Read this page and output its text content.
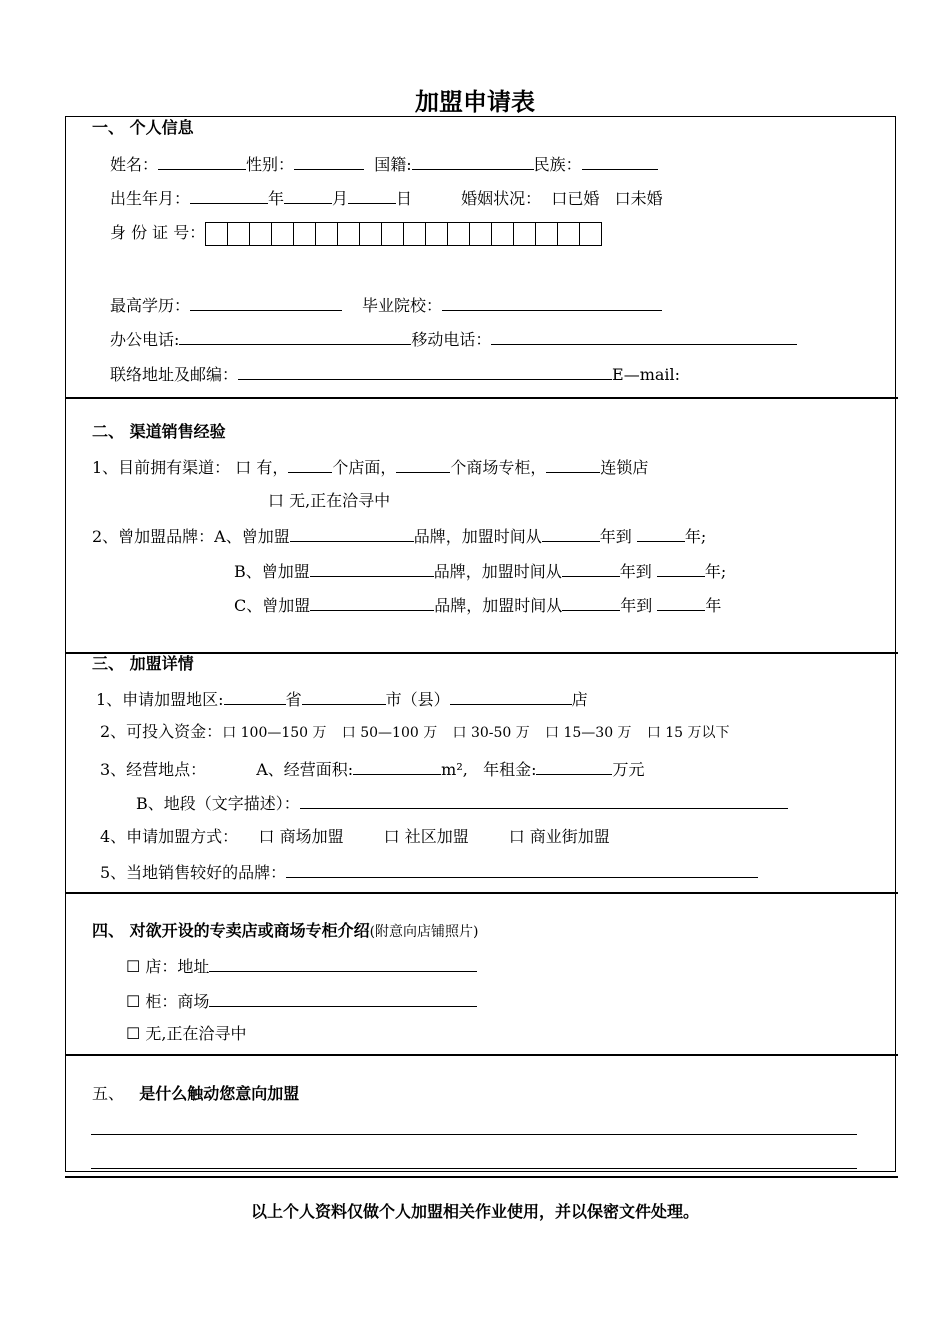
加盟申请表
一、 个人信息
姓名：	性别：	国籍:	民族：
出生年月：	年	月	日	婚姻状况： 口已婚 口未婚
身 份 证 号：
最高学历：	毕业院校：
办公电话:	移动电话：
联络地址及邮编：	E—mail:
二、 渠道销售经验
1、目前拥有渠道： 口 有，	个店面，	个商场专柜，	连锁店
口 无,正在洽寻中
2、曾加盟品牌：A、曾加盟	品牌，加盟时间从	年到	年;
B、曾加盟	品牌，加盟时间从	年到	年;
C、曾加盟	品牌，加盟时间从	年到	年
三、 加盟详情
1、申请加盟地区:	省	市（县）	店
2、可投入资金：口 100—150 万 口 50—100 万 口 30-50 万 口 15—30 万 口 15 万以下
3、经营地点：	A、经营面积:	m², 年租金:	万元
B、地段（文字描述）：
4、申请加盟方式： 口 商场加盟	口 社区加盟	口 商业街加盟
5、当地销售较好的品牌：
四、 对欲开设的专卖店或商场专柜介绍(附意向店铺照片)
☐ 店：地址
☐ 柜：商场
☐ 无,正在洽寻中
五、 是什么触动您意向加盟
以上个人资料仅做个人加盟相关作业使用，并以保密文件处理。
